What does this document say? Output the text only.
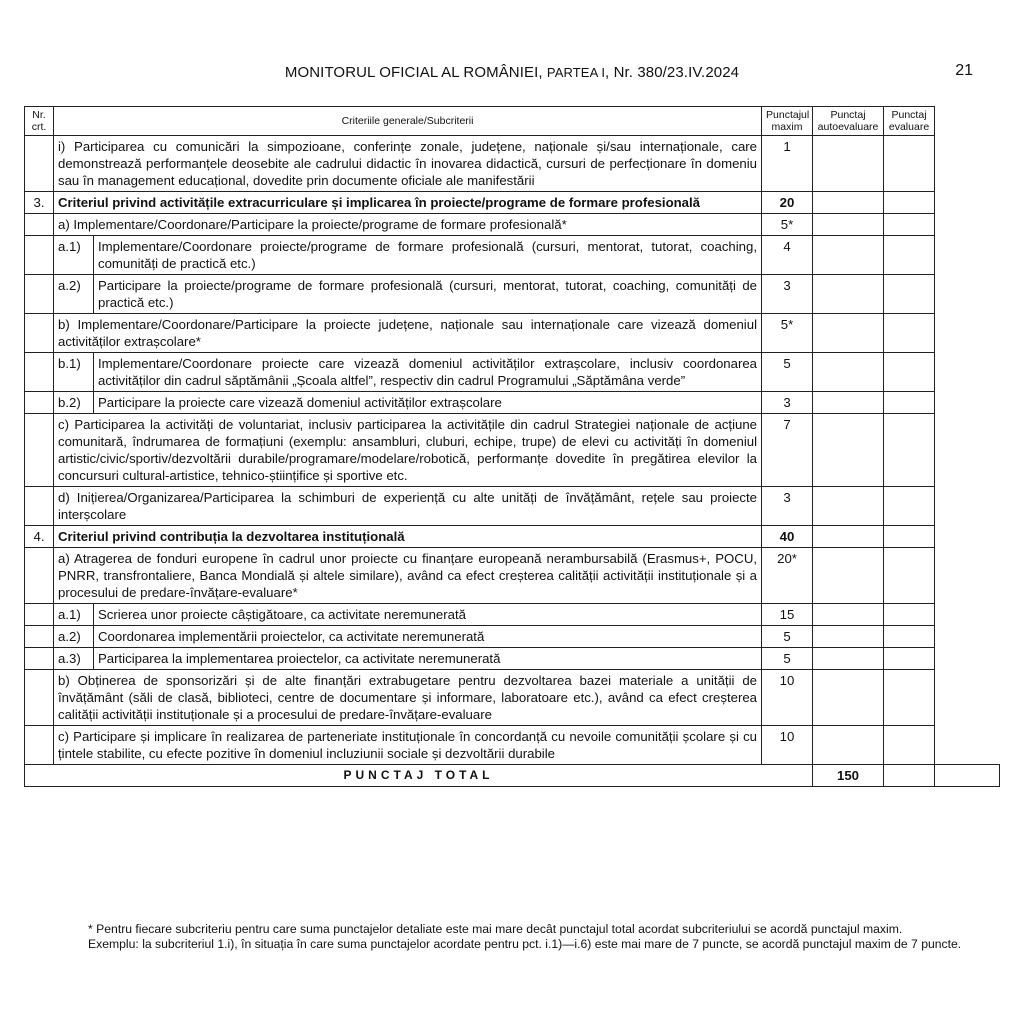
MONITORUL OFICIAL AL ROMÂNIEI, PARTEA I, Nr. 380/23.IV.2024	21
Nr. crt.	Criteriile generale/Subcriterii		Punctajul maxim	Punctaj autoevaluare	Punctaj evaluare	
	i) Participarea cu comunicări la simpozioane, conferințe zonale, județene, naționale și/sau internaționale, care demonstrează performanțele deosebite ale cadrului didactic în inovarea didactică, cursuri de perfecționare în domeniu sau în management educațional, dovedite prin documente oficiale ale manifestării		1			
3.	Criteriul privind activitățile extracurriculare și implicarea în proiecte/programe de formare profesională		20			
	a) Implementare/Coordonare/Participare la proiecte/programe de formare profesională*		5*			
	a.1)	Implementare/Coordonare proiecte/programe de formare profesională (cursuri, mentorat, tutorat, coaching, comunități de practică etc.)	4			
	a.2)	Participare la proiecte/programe de formare profesională (cursuri, mentorat, tutorat, coaching, comunități de practică etc.)	3			
	b) Implementare/Coordonare/Participare la proiecte județene, naționale sau internaționale care vizează domeniul activităților extrașcolare*		5*			
	b.1)	Implementare/Coordonare proiecte care vizează domeniul activităților extrașcolare, inclusiv coordonarea activităților din cadrul săptămânii „Școala altfel”, respectiv din cadrul Programului „Săptămâna verde”	5			
	b.2)	Participare la proiecte care vizează domeniul activităților extrașcolare	3			
	c) Participarea la activități de voluntariat, inclusiv participarea la activitățile din cadrul Strategiei naționale de acțiune comunitară, îndrumarea de formațiuni (exemplu: ansambluri, cluburi, echipe, trupe) de elevi cu activități în domeniul artistic/civic/sportiv/dezvoltării durabile/programare/modelare/robotică, performanțe dovedite în pregătirea elevilor la concursuri cultural-artistice, tehnico-științifice și sportive etc.		7			
	d) Inițierea/Organizarea/Participarea la schimburi de experiență cu alte unități de învățământ, rețele sau proiecte interșcolare		3			
4.	Criteriul privind contribuția la dezvoltarea instituțională		40			
	a) Atragerea de fonduri europene în cadrul unor proiecte cu finanțare europeană nerambursabilă (Erasmus+, POCU, PNRR, transfrontaliere, Banca Mondială și altele similare), având ca efect creșterea calității activității instituționale și a procesului de predare-învățare-evaluare*		20*			
	a.1)	Scrierea unor proiecte câștigătoare, ca activitate neremunerată	15			
	a.2)	Coordonarea implementării proiectelor, ca activitate neremunerată	5			
	a.3)	Participarea la implementarea proiectelor, ca activitate neremunerată	5			
	b) Obținerea de sponsorizări și de alte finanțări extrabugetare pentru dezvoltarea bazei materiale a unității de învățământ (săli de clasă, biblioteci, centre de documentare și informare, laboratoare etc.), având ca efect creșterea calității activității instituționale și a procesului de predare-învățare-evaluare		10			
	c) Participare și implicare în realizarea de parteneriate instituționale în concordanță cu nevoile comunității școlare și cu țintele stabilite, cu efecte pozitive în domeniul incluziunii sociale și dezvoltării durabile		10			
PUNCTAJ TOTAL				150		

* Pentru fiecare subcriteriu pentru care suma punctajelor detaliate este mai mare decât punctajul total acordat subcriteriului se acordă punctajul maxim.

Exemplu: la subcriteriul 1.i), în situația în care suma punctajelor acordate pentru pct. i.1)—i.6) este mai mare de 7 puncte, se acordă punctajul maxim de 7 puncte.
